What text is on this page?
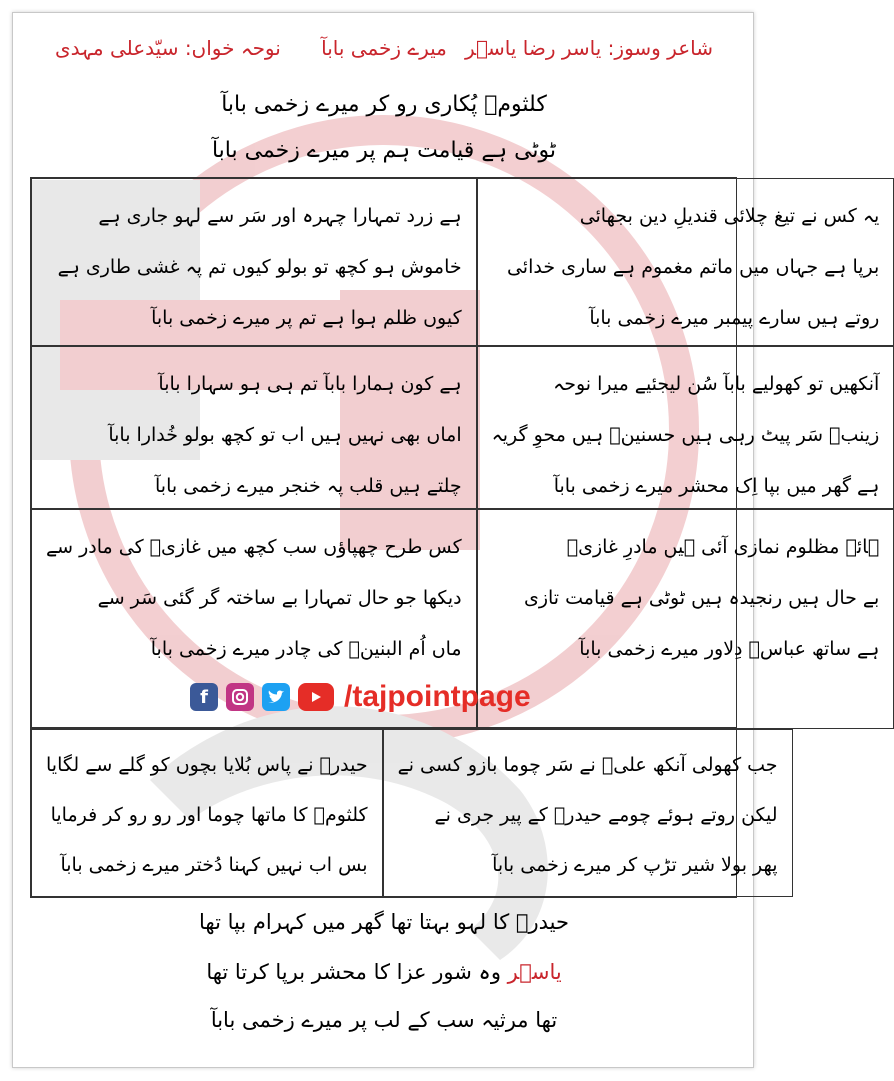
شاعر وسوز: یاسر رضا یاسؔر
میرے زخمی بابآ
نوحہ خواں: سیّدعلی مہدی
کلثومؑ پُکاری رو کر میرے زخمی بابآ
ٹوٹی ہے قیامت ہم پر میرے زخمی بابآ
یہ کس نے تیغ چلائی قندیلِ دین بجھائی
برپا ہے جہاں میں ماتم مغموم ہے ساری خدائی
روتے ہیں سارے پیمبر میرے زخمی بابآ
ہے زرد تمہارا چہرہ اور سَر سے لہو جاری ہے
خاموش ہو کچھ تو بولو کیوں تم پہ غشی طاری ہے
کیوں ظلم ہوا ہے تم پر میرے زخمی بابآ
آنکھیں تو کھولیے بابآ سُن لیجئیے میرا نوحہ
زینبؑ سَر پیٹ رہی ہیں حسنینؑ ہیں محوِ گریہ
ہے گھر میں بپا اِک محشر میرے زخمی بابآ
ہے کون ہمارا بابآ تم ہی ہو سہارا بابآ
اماں بھی نہیں ہیں اب تو کچھ بولو خُدارا بابآ
چلتے ہیں قلب پہ خنجر میرے زخمی بابآ
ہائے مظلوم نمازی آئی ہیں مادرِ غازیؑ
بے حال ہیں رنجیدہ ہیں ٹوٹی ہے قیامت تازی
ہے ساتھ عباسؑ دِلاور میرے زخمی بابآ
کس طرح چھپاؤں سب کچھ میں غازیؑ کی مادر سے
دیکھا جو حال تمہارا بے ساختہ گر گئی سَر سے
ماں اُم البنینؑ کی چادر میرے زخمی بابآ
f	/tajpointpage
جب کھولی آنکھ علیؑ نے سَر چوما بازو کسی نے
لیکن روتے ہوئے چومے حیدرؑ کے پیر جری نے
پھر بولا شیر تڑپ کر میرے زخمی بابآ
حیدرؑ نے پاس بُلایا بچوں کو گلے سے لگایا
کلثومؑ کا ماتھا چوما اور رو رو کر فرمایا
بس اب نہیں کہنا دُختر میرے زخمی بابآ
حیدرؑ کا لہو بہتا تھا گھر میں کہرام بپا تھا
یاسؔر وہ شور عزا کا محشر برپا کرتا تھا
تھا مرثیہ سب کے لب پر میرے زخمی بابآ
